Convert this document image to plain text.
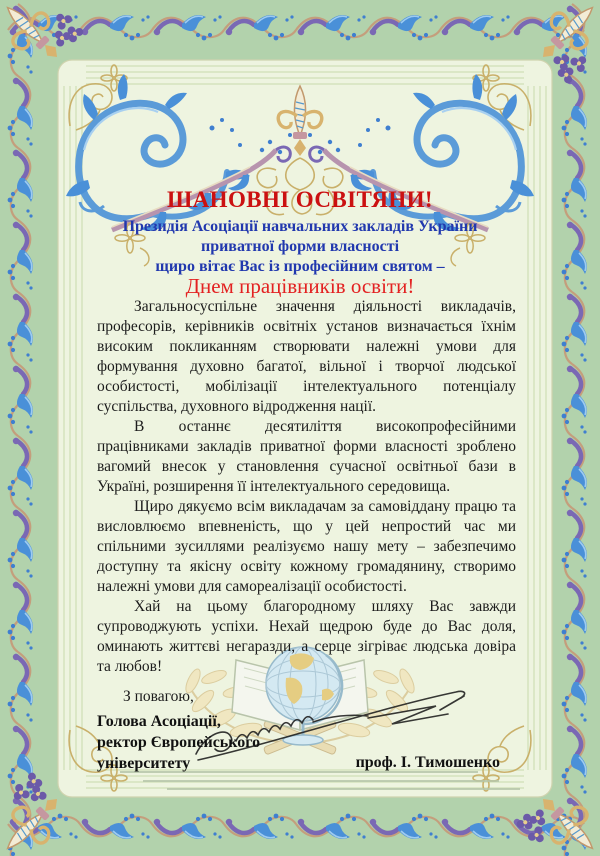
ШАНОВНІ ОСВІТЯНИ!
Президія Асоціації навчальних закладів України
приватної форми власності
щиро вітає Вас із професійним святом –
Днем працівників освіти!

Загальносуспільне значення діяльності викладачів, професорів, керівників освітніх установ визначається їхнім високим покликанням створювати належні умови для формування духовно багатої, вільної і творчої людської особистості, мобілізації інтелектуального потенціалу суспільства, духовного відродження нації.

В останнє десятиліття високопрофесійними працівниками закладів приватної форми власності зроблено вагомий внесок у становлення сучасної освітньої бази в Україні, розширення її інтелектуального середовища.

Щиро дякуємо всім викладачам за самовіддану працю та висловлюємо впевненість, що у цей непростий час ми спільними зусиллями реалізуємо нашу мету – забезпечимо доступну та якісну освіту кожному громадянину, створимо належні умови для самореалізації особистості.

Хай на цьому благородному шляху Вас завжди супроводжують успіхи. Нехай щедрою буде до Вас доля, оминають життєві негаразди, а серце зігріває людська довіра та любов!

З повагою,
Голова Асоціації,
ректор Європейського
університету	проф. І. Тимошенко
